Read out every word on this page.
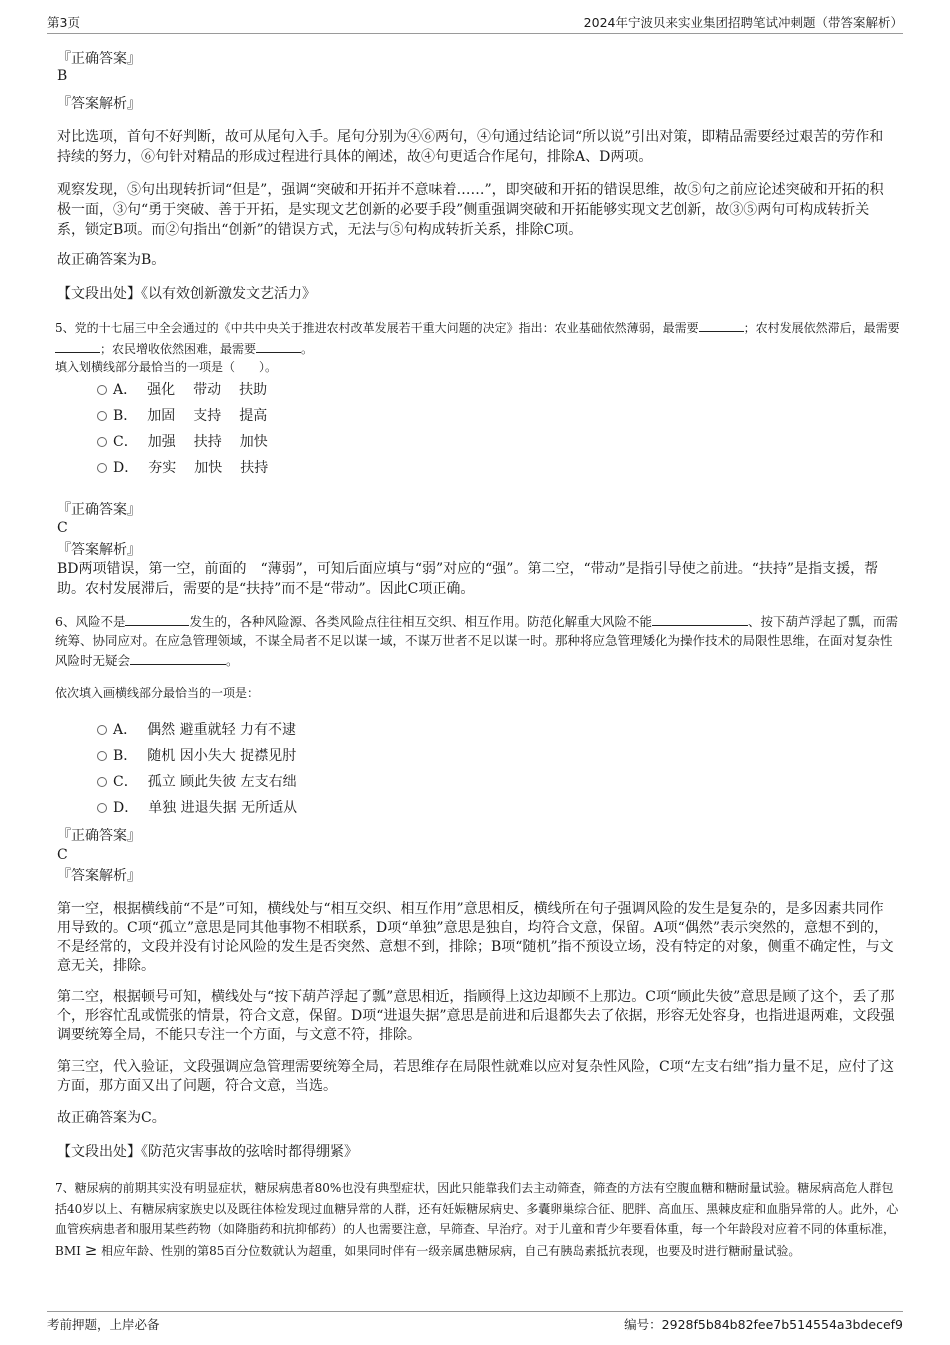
第3页	2024年宁波贝来实业集团招聘笔试冲刺题（带答案解析）
『正确答案』
B
『答案解析』
对比选项，首句不好判断，故可从尾句入手。尾句分别为④⑥两句，④句通过结论词“所以说”引出对策，即精品需要经过艰苦的劳作和持续的努力，⑥句针对精品的形成过程进行具体的阐述，故④句更适合作尾句，排除A、D两项。
观察发现，⑤句出现转折词“但是”，强调“突破和开拓并不意味着……”，即突破和开拓的错误思维，故⑤句之前应论述突破和开拓的积极一面，③句“勇于突破、善于开拓，是实现文艺创新的必要手段”侧重强调突破和开拓能够实现文艺创新，故③⑤两句可构成转折关系，锁定B项。而②句指出“创新”的错误方式，无法与⑤句构成转折关系，排除C项。
故正确答案为B。
【文段出处】《以有效创新激发文艺活力》
5、党的十七届三中全会通过的《中共中央关于推进农村改革发展若干重大问题的决定》指出：农业基础依然薄弱，最需要	；农村发展依然滞后，最需要；农民增收依然困难，最需要	。
填入划横线部分最恰当的一项是（　　）。
A． 强化 带动 扶助
B． 加固 支持 提高
C． 加强 扶持 加快
D． 夯实 加快 扶持
『正确答案』
C
『答案解析』
BD两项错误，第一空，前面的　“薄弱”，可知后面应填与“弱”对应的“强”。第二空，“带动”是指引导使之前进。“扶持”是指支援，帮助。农村发展滞后，需要的是“扶持”而不是“带动”。因此C项正确。
6、风险不是	发生的，各种风险源、各类风险点往往相互交织、相互作用。防范化解重大风险不能	、按下葫芦浮起了瓢，而需统筹、协同应对。在应急管理领域，不谋全局者不足以谋一域，不谋万世者不足以谋一时。那种将应急管理矮化为操作技术的局限性思维，在面对复杂性风险时无疑会	。
依次填入画横线部分最恰当的一项是：
A． 偶然 避重就轻 力有不逮
B． 随机 因小失大 捉襟见肘
C． 孤立 顾此失彼 左支右绌
D． 单独 进退失据 无所适从
『正确答案』
C
『答案解析』
第一空，根据横线前“不是”可知，横线处与“相互交织、相互作用”意思相反，横线所在句子强调风险的发生是复杂的，是多因素共同作用导致的。C项“孤立”意思是同其他事物不相联系，D项“单独”意思是独自，均符合文意，保留。A项“偶然”表示突然的，意想不到的，不是经常的，文段并没有讨论风险的发生是否突然、意想不到，排除；B项“随机”指不预设立场，没有特定的对象，侧重不确定性，与文意无关，排除。
第二空，根据顿号可知，横线处与“按下葫芦浮起了瓢”意思相近，指顾得上这边却顾不上那边。C项“顾此失彼”意思是顾了这个，丢了那个，形容忙乱或慌张的情景，符合文意，保留。D项“进退失据”意思是前进和后退都失去了依据，形容无处容身，也指进退两难，文段强调要统筹全局，不能只专注一个方面，与文意不符，排除。
第三空，代入验证，文段强调应急管理需要统筹全局，若思维存在局限性就难以应对复杂性风险，C项“左支右绌”指力量不足，应付了这方面，那方面又出了问题，符合文意，当选。
故正确答案为C。
【文段出处】《防范灾害事故的弦啥时都得绷紧》
7、糖尿病的前期其实没有明显症状，糖尿病患者80%也没有典型症状，因此只能靠我们去主动筛查，筛查的方法有空腹血糖和糖耐量试验。糖尿病高危人群包括40岁以上、有糖尿病家族史以及既往体检发现过血糖异常的人群，还有妊娠糖尿病史、多囊卵巢综合征、肥胖、高血压、黑棘皮症和血脂异常的人。此外，心血管疾病患者和服用某些药物（如降脂药和抗抑郁药）的人也需要注意，早筛查、早治疗。对于儿童和青少年要看体重，每一个年龄段对应着不同的体重标准，BMI ≥ 相应年龄、性别的第85百分位数就认为超重，如果同时伴有一级亲属患糖尿病，自己有胰岛素抵抗表现，也要及时进行糖耐量试验。
考前押题，上岸必备	编号：2928f5b84b82fee7b514554a3bdecef9
